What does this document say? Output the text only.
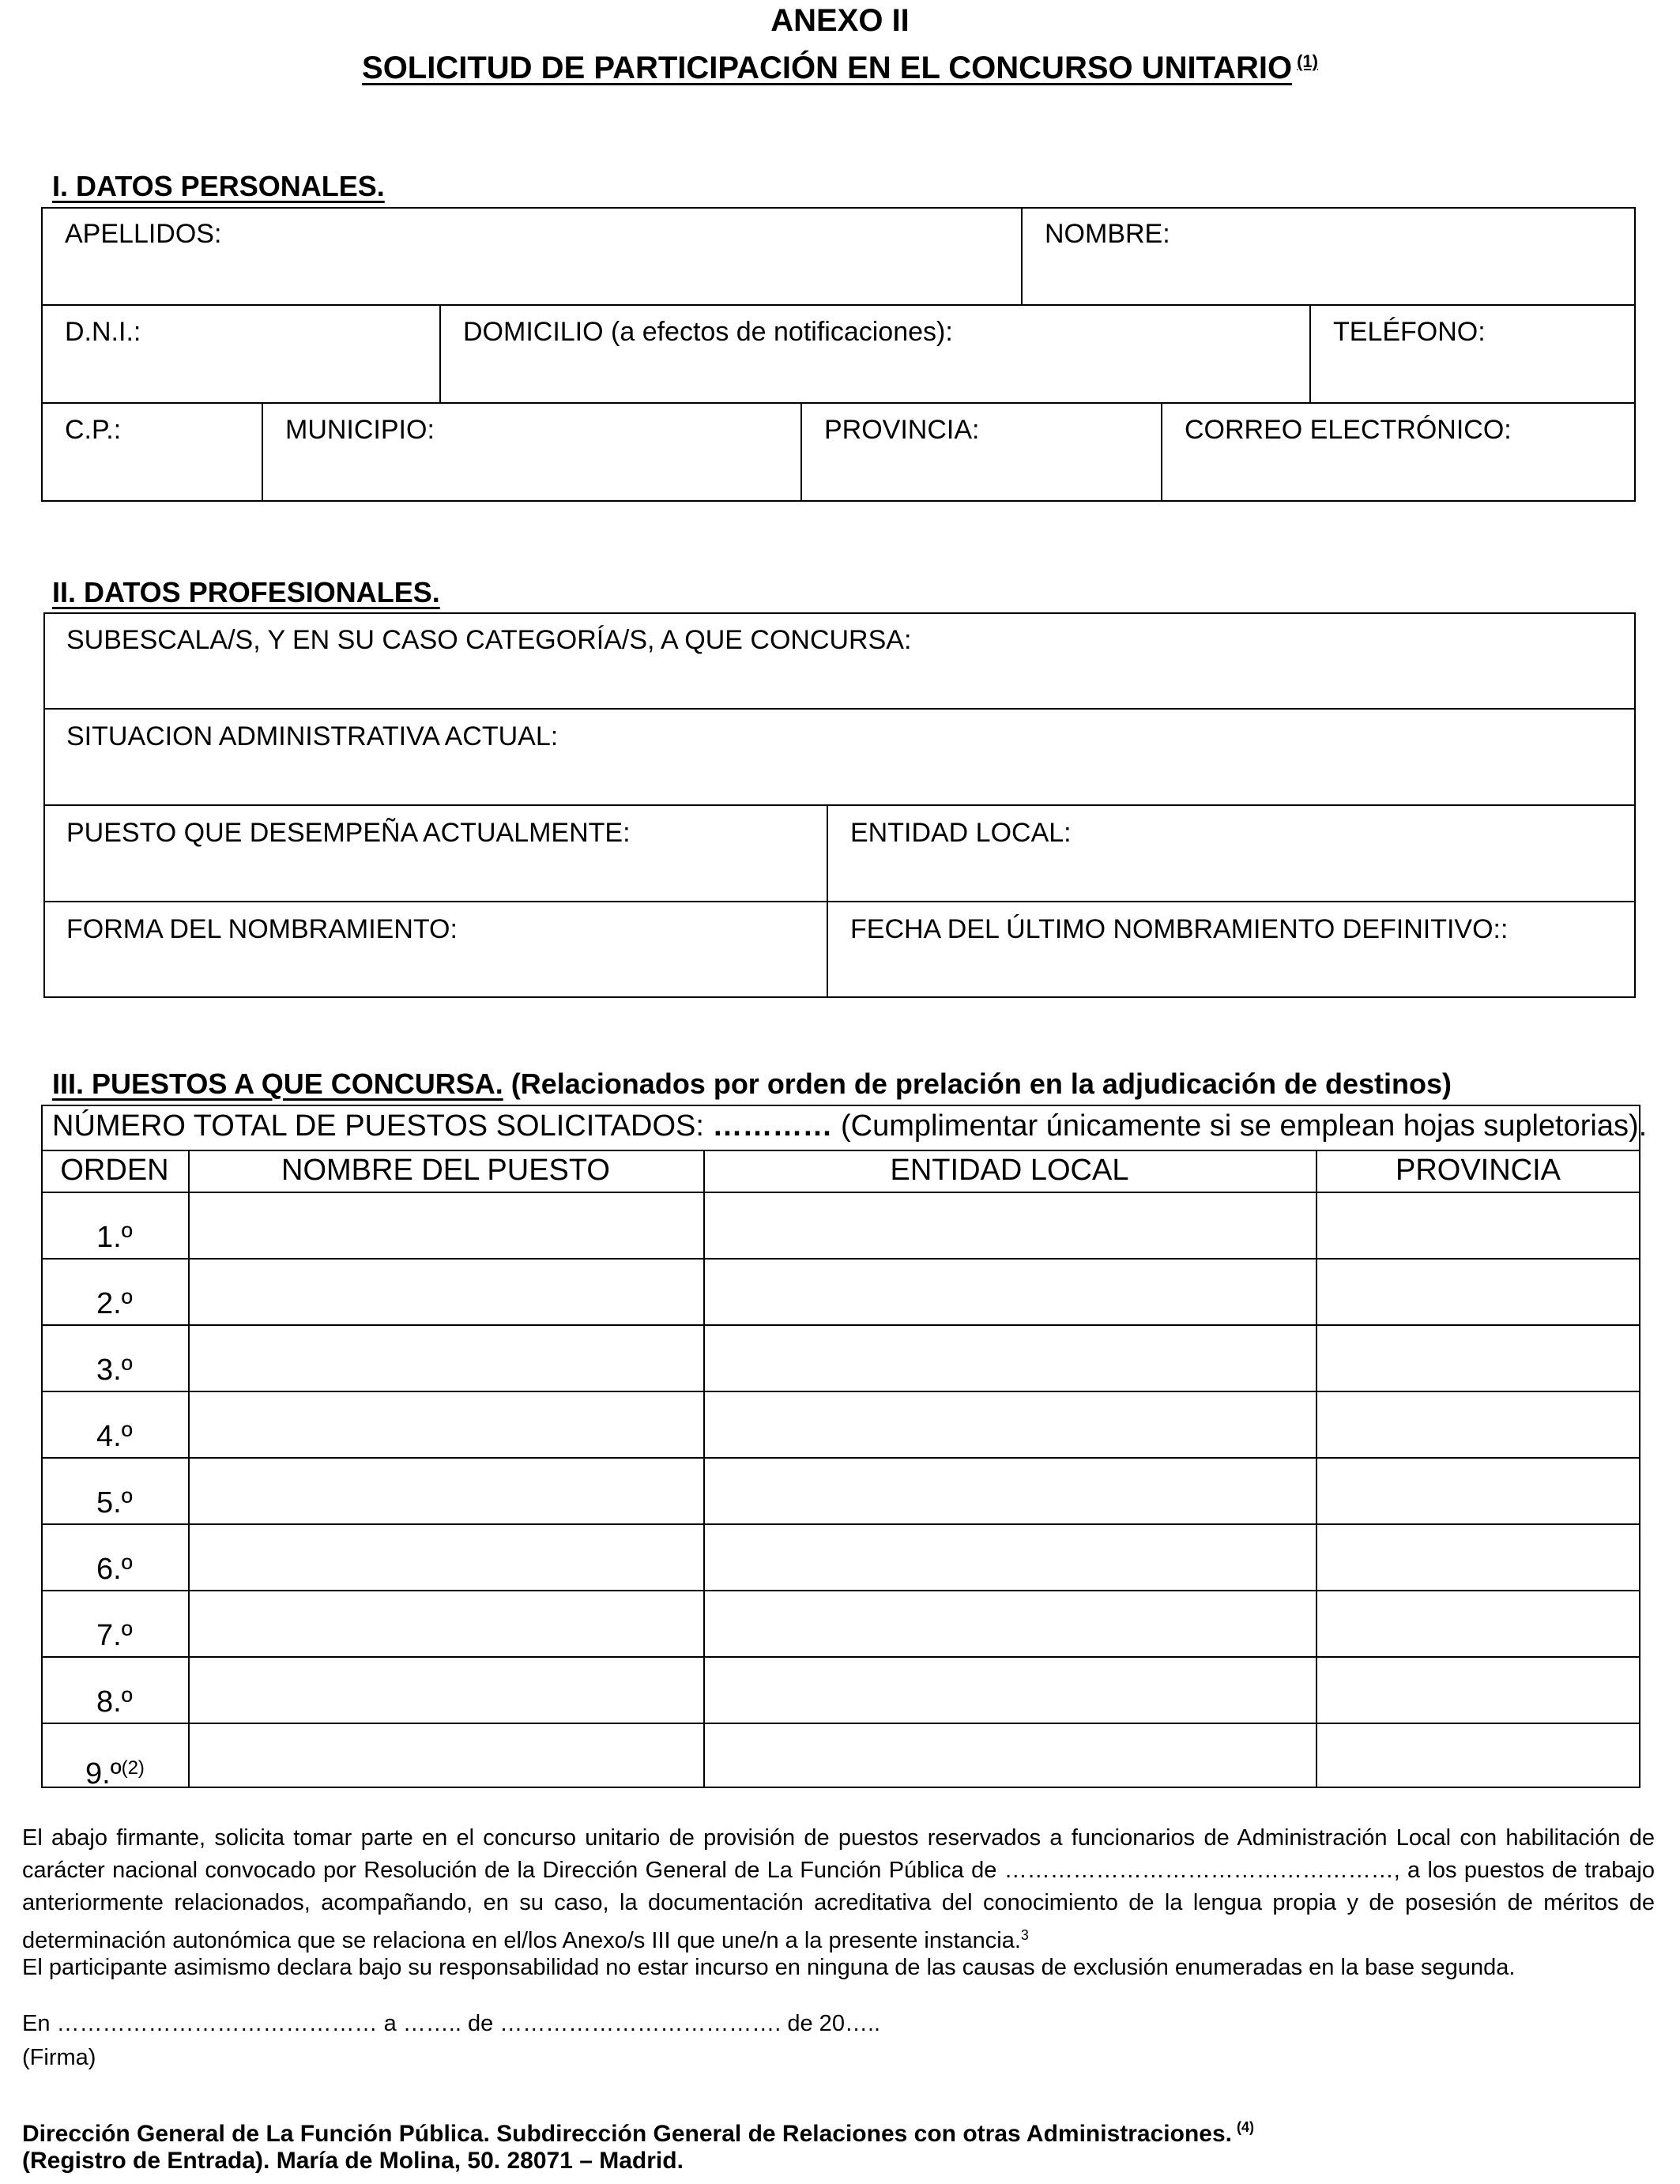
ANEXO II
SOLICITUD DE PARTICIPACIÓN EN EL CONCURSO UNITARIO $^{(1)}$
I. DATOS PERSONALES.
APELLIDOS:	NOMBRE:
D.N.I.:	DOMICILIO (a efectos de notificaciones):	TELÉFONO:
C.P.:	MUNICIPIO:	PROVINCIA:	CORREO ELECTRÓNICO:
II. DATOS PROFESIONALES.
SUBESCALA/S, Y EN SU CASO CATEGORÍA/S, A QUE CONCURSA:
SITUACION ADMINISTRATIVA ACTUAL:
PUESTO QUE DESEMPEÑA ACTUALMENTE:	ENTIDAD LOCAL:
FORMA DEL NOMBRAMIENTO:	FECHA DEL ÚLTIMO NOMBRAMIENTO DEFINITIVO::
III. PUESTOS A QUE CONCURSA. (Relacionados por orden de prelación en la adjudicación de destinos)
NÚMERO TOTAL DE PUESTOS SOLICITADOS: ………… (Cumplimentar únicamente si se emplean hojas supletorias).
ORDEN	NOMBRE DEL PUESTO	ENTIDAD LOCAL	PROVINCIA
1.º
2.º
3.º
4.º
5.º
6.º
7.º
8.º
9.º$^{(2)}$
El abajo firmante, solicita tomar parte en el concurso unitario de provisión de puestos reservados a funcionarios de Administración Local con habilitación de carácter nacional convocado por Resolución de la Dirección General de La Función Pública de ……………………………………………, a los puestos de trabajo anteriormente relacionados, acompañando, en su caso, la documentación acreditativa del conocimiento de la lengua propia y de posesión de méritos de determinación autonómica que se relaciona en el/los Anexo/s III que une/n a la presente instancia.$^3$
El participante asimismo declara bajo su responsabilidad no estar incurso en ninguna de las causas de exclusión enumeradas en la base segunda.
En …………………………………… a …….. de ………………………………. de 20…..
(Firma)
Dirección General de La Función Pública. Subdirección General de Relaciones con otras Administraciones. $^{(4)}$
(Registro de Entrada). María de Molina, 50. 28071 – Madrid.
